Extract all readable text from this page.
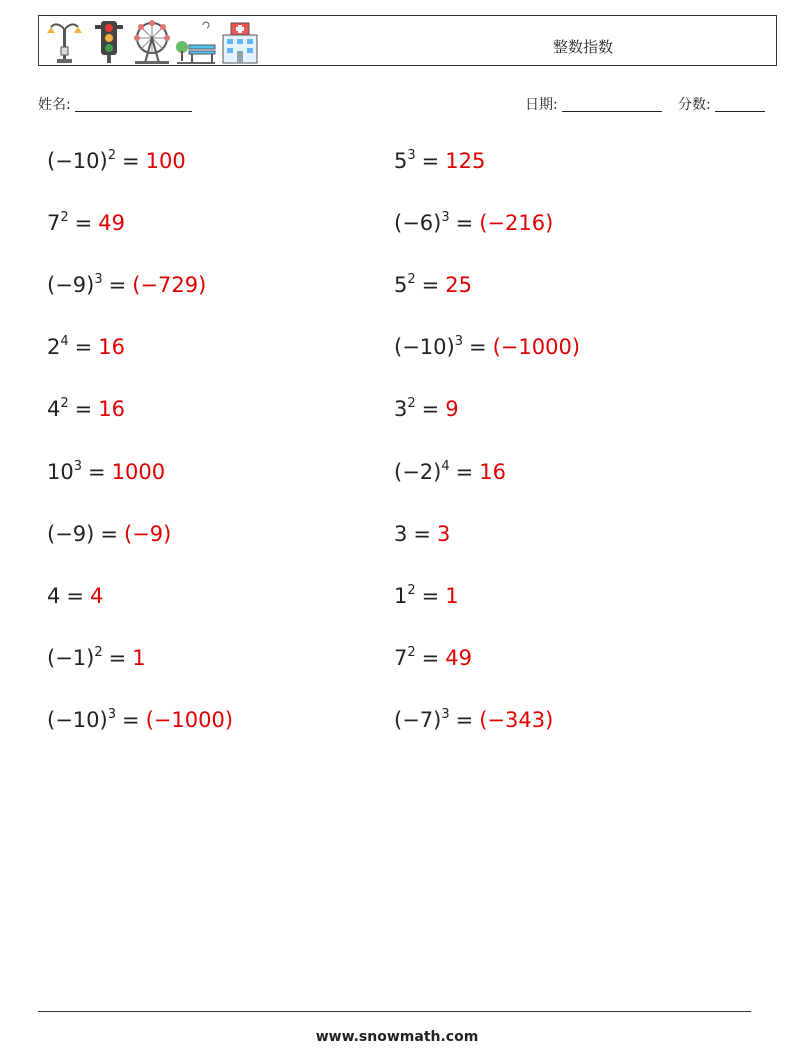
整数指数
姓名:	日期:	分数:
$(-10)^2 = 100$	$5^3 = 125$
$7^2 = 49$	$(-6)^3 = (-216)$
$(-9)^3 = (-729)$	$5^2 = 25$
$2^4 = 16$	$(-10)^3 = (-1000)$
$4^2 = 16$	$3^2 = 9$
$10^3 = 1000$	$(-2)^4 = 16$
(−9) = (−9)	3 = 3
4 = 4	$1^2 = 1$
$(-1)^2 = 1$	$7^2 = 49$
$(-10)^3 = (-1000)$	$(-7)^3 = (-343)$
www.snowmath.com
